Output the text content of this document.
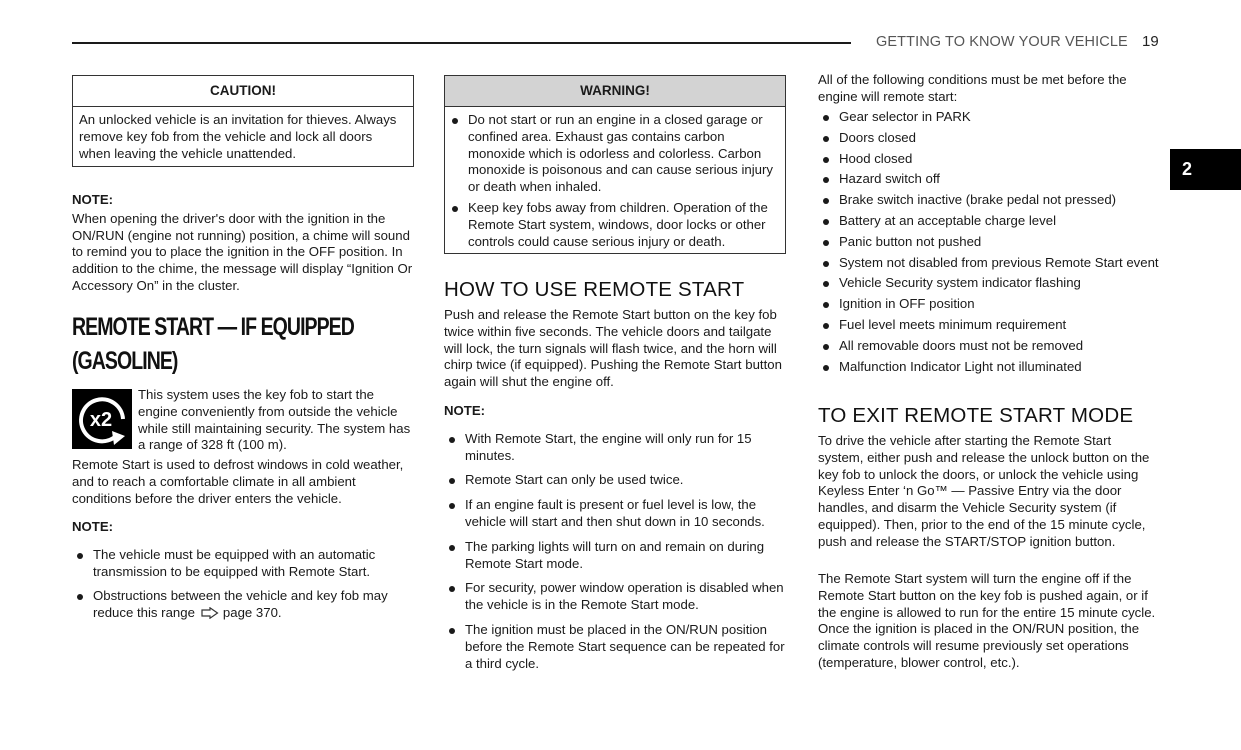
GETTING TO KNOW YOUR VEHICLE 19
2
CAUTION!
An unlocked vehicle is an invitation for thieves. Always remove key fob from the vehicle and lock all doors when leaving the vehicle unattended.
NOTE:

When opening the driver's door with the ignition in the ON/RUN (engine not running) position, a chime will sound to remind you to place the ignition in the OFF position. In addition to the chime, the message will display “Ignition Or Accessory On” in the cluster.

REMOTE START — IF EQUIPPED
(GASOLINE)
x2

This system uses the key fob to start the engine conveniently from outside the vehicle while still maintaining security. The system has a range of 328 ft (100 m).

Remote Start is used to defrost windows in cold weather, and to reach a comfortable climate in all ambient conditions before the driver enters the vehicle.

NOTE:
The vehicle must be equipped with an automatic transmission to be equipped with Remote Start.
Obstructions between the vehicle and key fob may reduce this range page 370.
WARNING!
Do not start or run an engine in a closed garage or confined area. Exhaust gas contains carbon monoxide which is odorless and colorless. Carbon monoxide is poisonous and can cause serious injury or death when inhaled.
Keep key fobs away from children. Operation of the Remote Start system, windows, door locks or other controls could cause serious injury or death.
HOW TO USE REMOTE START

Push and release the Remote Start button on the key fob twice within five seconds. The vehicle doors and tailgate will lock, the turn signals will flash twice, and the horn will chirp twice (if equipped). Pushing the Remote Start button again will shut the engine off.

NOTE:
With Remote Start, the engine will only run for 15 minutes.
Remote Start can only be used twice.
If an engine fault is present or fuel level is low, the vehicle will start and then shut down in 10 seconds.
The parking lights will turn on and remain on during Remote Start mode.
For security, power window operation is disabled when the vehicle is in the Remote Start mode.
The ignition must be placed in the ON/RUN position before the Remote Start sequence can be repeated for a third cycle.

All of the following conditions must be met before the engine will remote start:

Gear selector in PARK
Doors closed
Hood closed
Hazard switch off
Brake switch inactive (brake pedal not pressed)
Battery at an acceptable charge level
Panic button not pushed
System not disabled from previous Remote Start event
Vehicle Security system indicator flashing
Ignition in OFF position
Fuel level meets minimum requirement
All removable doors must not be removed
Malfunction Indicator Light not illuminated
TO EXIT REMOTE START MODE

To drive the vehicle after starting the Remote Start system, either push and release the unlock button on the key fob to unlock the doors, or unlock the vehicle using Keyless Enter ‘n Go™ — Passive Entry via the door handles, and disarm the Vehicle Security system (if equipped). Then, prior to the end of the 15 minute cycle, push and release the START/STOP ignition button.

The Remote Start system will turn the engine off if the Remote Start button on the key fob is pushed again, or if the engine is allowed to run for the entire 15 minute cycle. Once the ignition is placed in the ON/RUN position, the climate controls will resume previously set operations (temperature, blower control, etc.).
